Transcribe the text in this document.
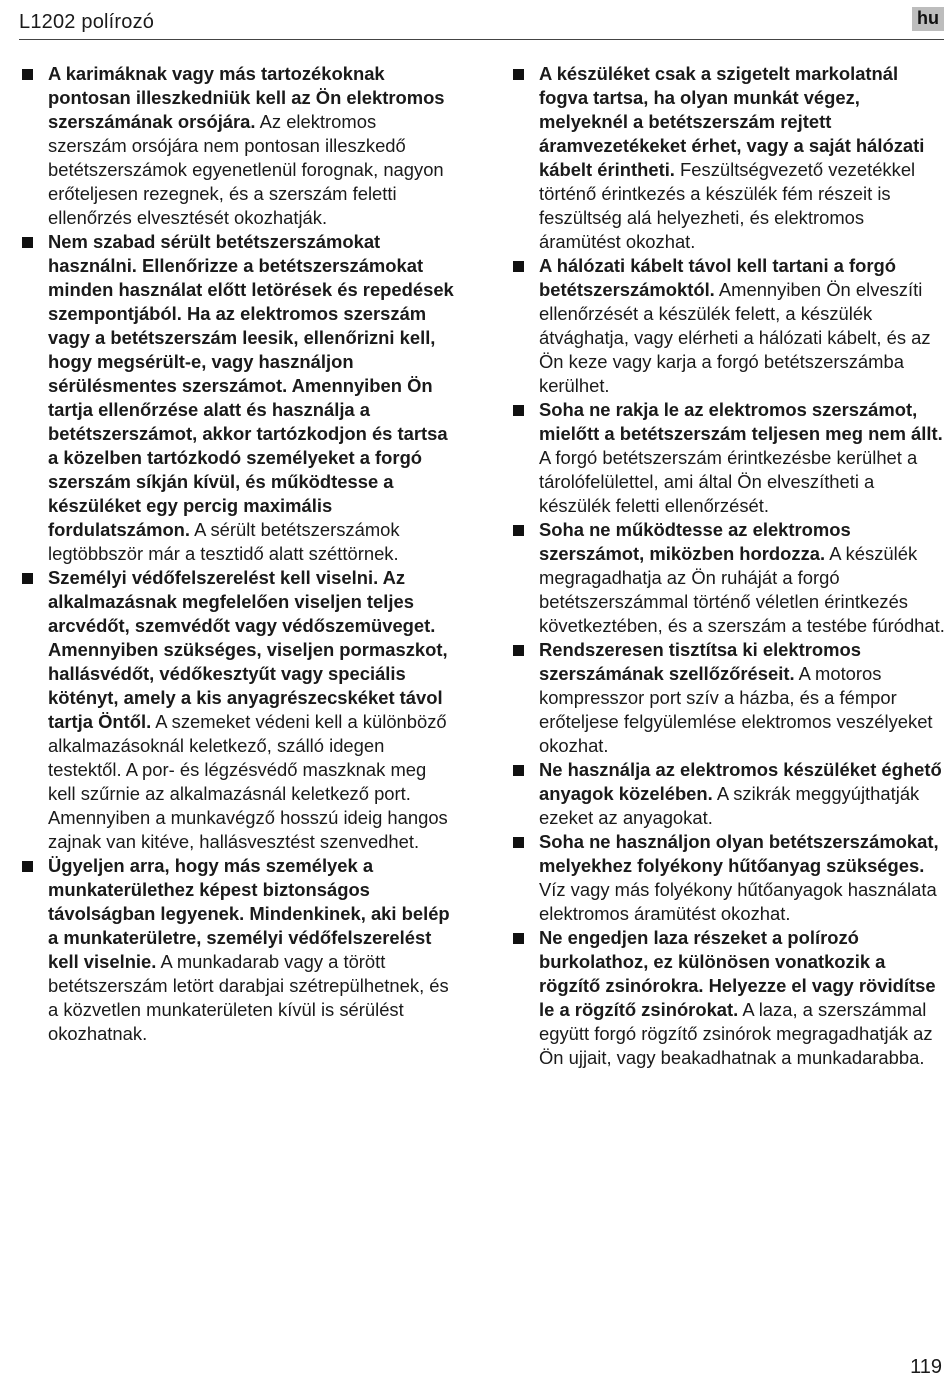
L1202 polírozó	hu

A karimáknak vagy más tartozékoknak pontosan illeszkedniük kell az Ön elektromos szerszámának orsójára. Az elektromos szerszám orsójára nem pontosan illeszkedő betétszerszámok egyenetlenül forognak, nagyon erőteljesen rezegnek, és a szerszám feletti ellenőrzés elvesztését okozhatják.

Nem szabad sérült betétszerszámokat használni. Ellenőrizze a betétszerszámokat minden használat előtt letörések és repedések szempontjából. Ha az elektromos szerszám vagy a betétszerszám leesik, ellenőrizni kell, hogy megsérült-e, vagy használjon sérülésmentes szerszámot. Amennyiben Ön tartja ellenőrzése alatt és használja a betétszerszámot, akkor tartózkodjon és tartsa a közelben tartózkodó személyeket a forgó szerszám síkján kívül, és működtesse a készüléket egy percig maximális fordulatszámon. A sérült betétszerszámok legtöbbször már a tesztidő alatt széttörnek.

Személyi védőfelszerelést kell viselni. Az alkalmazásnak megfelelően viseljen teljes arcvédőt, szemvédőt vagy védőszemüveget. Amennyiben szükséges, viseljen pormaszkot, hallásvédőt, védőkesztyűt vagy speciális kötényt, amely a kis anyagrészecskéket távol tartja Öntől. A szemeket védeni kell a különböző alkalmazásoknál keletkező, szálló idegen testektől. A por- és légzésvédő maszknak meg kell szűrnie az alkalmazásnál keletkező port. Amennyiben a munkavégző hosszú ideig hangos zajnak van kitéve, hallásvesztést szenvedhet.

Ügyeljen arra, hogy más személyek a munkaterülethez képest biztonságos távolságban legyenek. Mindenkinek, aki belép a munkaterületre, személyi védőfelszerelést kell viselnie. A munkadarab vagy a törött betétszerszám letört darabjai szétrepülhetnek, és a közvetlen munkaterületen kívül is sérülést okozhatnak.

A készüléket csak a szigetelt markolatnál fogva tartsa, ha olyan munkát végez, melyeknél a betétszerszám rejtett áramvezetékeket érhet, vagy a saját hálózati kábelt érintheti. Feszültségvezető vezetékkel történő érintkezés a készülék fém részeit is feszültség alá helyezheti, és elektromos áramütést okozhat.

A hálózati kábelt távol kell tartani a forgó betétszerszámoktól. Amennyiben Ön elveszíti ellenőrzését a készülék felett, a készülék átvághatja, vagy elérheti a hálózati kábelt, és az Ön keze vagy karja a forgó betétszerszámba kerülhet.

Soha ne rakja le az elektromos szerszámot, mielőtt a betétszerszám teljesen meg nem állt. A forgó betétszerszám érintkezésbe kerülhet a tárolófelülettel, ami által Ön elveszítheti a készülék feletti ellenőrzését.

Soha ne működtesse az elektromos szerszámot, miközben hordozza. A készülék megragadhatja az Ön ruháját a forgó betétszerszámmal történő véletlen érintkezés következtében, és a szerszám a testébe fúródhat.

Rendszeresen tisztítsa ki elektromos szerszámának szellőzőréseit. A motoros kompresszor port szív a házba, és a fémpor erőteljese felgyülemlése elektromos veszélyeket okozhat.

Ne használja az elektromos készüléket éghető anyagok közelében. A szikrák meggyújthatják ezeket az anyagokat.

Soha ne használjon olyan betétszerszámokat, melyekhez folyékony hűtőanyag szükséges. Víz vagy más folyékony hűtőanyagok használata elektromos áramütést okozhat.

Ne engedjen laza részeket a polírozó burkolathoz, ez különösen vonatkozik a rögzítő zsinórokra. Helyezze el vagy rövidítse le a rögzítő zsinórokat. A laza, a szerszámmal együtt forgó rögzítő zsinórok megragadhatják az Ön ujjait, vagy beakadhatnak a munkadarabba.

119
